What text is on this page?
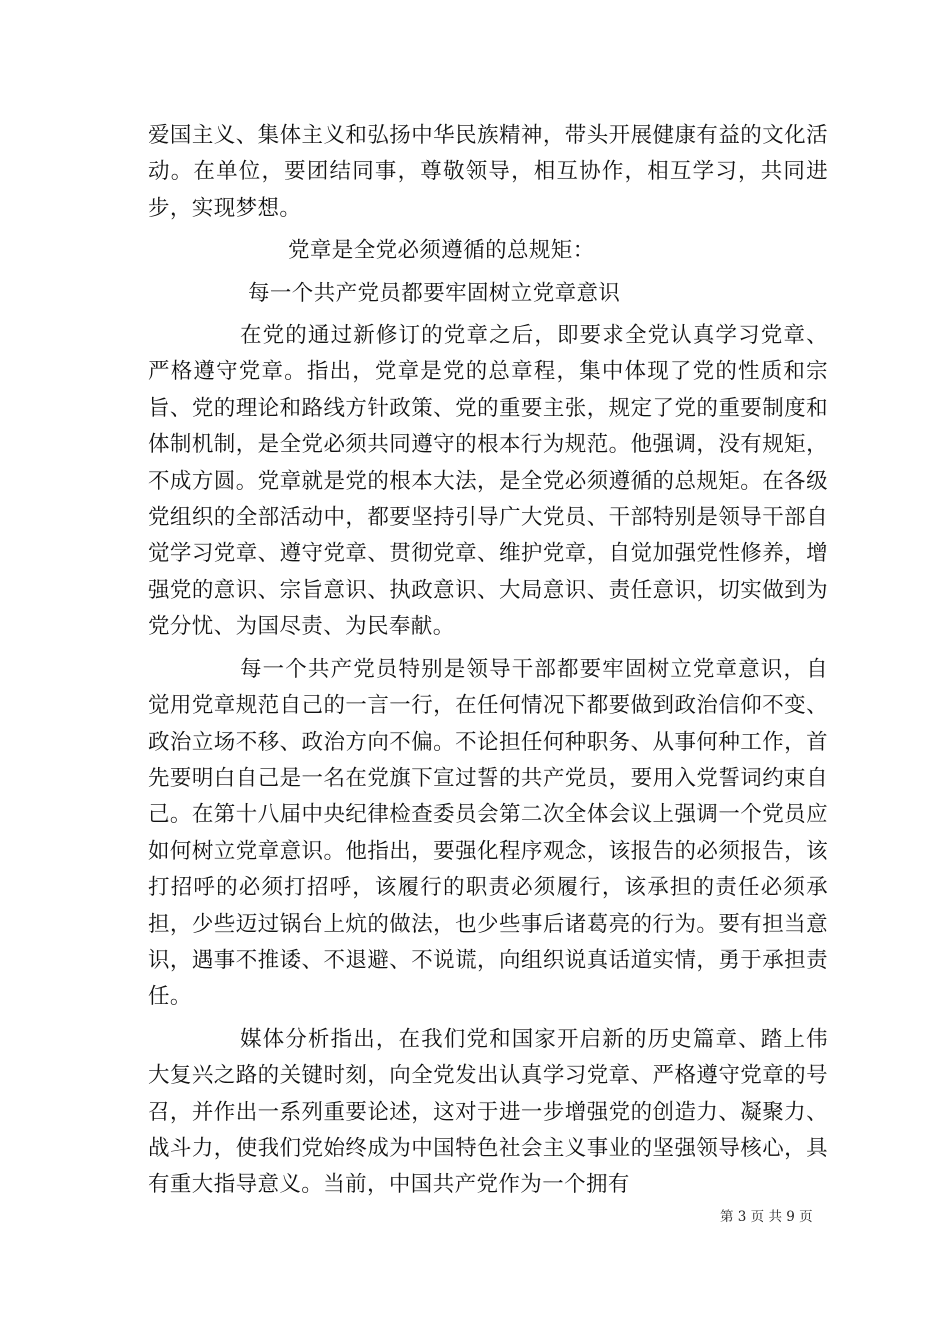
爱国主义、集体主义和弘扬中华民族精神，带头开展健康有益的文化活动。在单位，要团结同事，尊敬领导，相互协作，相互学习，共同进步，实现梦想。

党章是全党必须遵循的总规矩：

每一个共产党员都要牢固树立党章意识

在党的通过新修订的党章之后，即要求全党认真学习党章、严格遵守党章。指出，党章是党的总章程，集中体现了党的性质和宗旨、党的理论和路线方针政策、党的重要主张，规定了党的重要制度和体制机制，是全党必须共同遵守的根本行为规范。他强调，没有规矩，不成方圆。党章就是党的根本大法，是全党必须遵循的总规矩。在各级党组织的全部活动中，都要坚持引导广大党员、干部特别是领导干部自觉学习党章、遵守党章、贯彻党章、维护党章，自觉加强党性修养，增强党的意识、宗旨意识、执政意识、大局意识、责任意识，切实做到为党分忧、为国尽责、为民奉献。

每一个共产党员特别是领导干部都要牢固树立党章意识，自觉用党章规范自己的一言一行，在任何情况下都要做到政治信仰不变、政治立场不移、政治方向不偏。不论担任何种职务、从事何种工作，首先要明白自己是一名在党旗下宣过誓的共产党员，要用入党誓词约束自己。在第十八届中央纪律检查委员会第二次全体会议上强调一个党员应如何树立党章意识。他指出，要强化程序观念，该报告的必须报告，该打招呼的必须打招呼，该履行的职责必须履行，该承担的责任必须承担，少些迈过锅台上炕的做法，也少些事后诸葛亮的行为。要有担当意识，遇事不推诿、不退避、不说谎，向组织说真话道实情，勇于承担责任。

媒体分析指出，在我们党和国家开启新的历史篇章、踏上伟大复兴之路的关键时刻，向全党发出认真学习党章、严格遵守党章的号召，并作出一系列重要论述，这对于进一步增强党的创造力、凝聚力、战斗力，使我们党始终成为中国特色社会主义事业的坚强领导核心，具有重大指导意义。当前，中国共产党作为一个拥有

第 3 页 共 9 页
